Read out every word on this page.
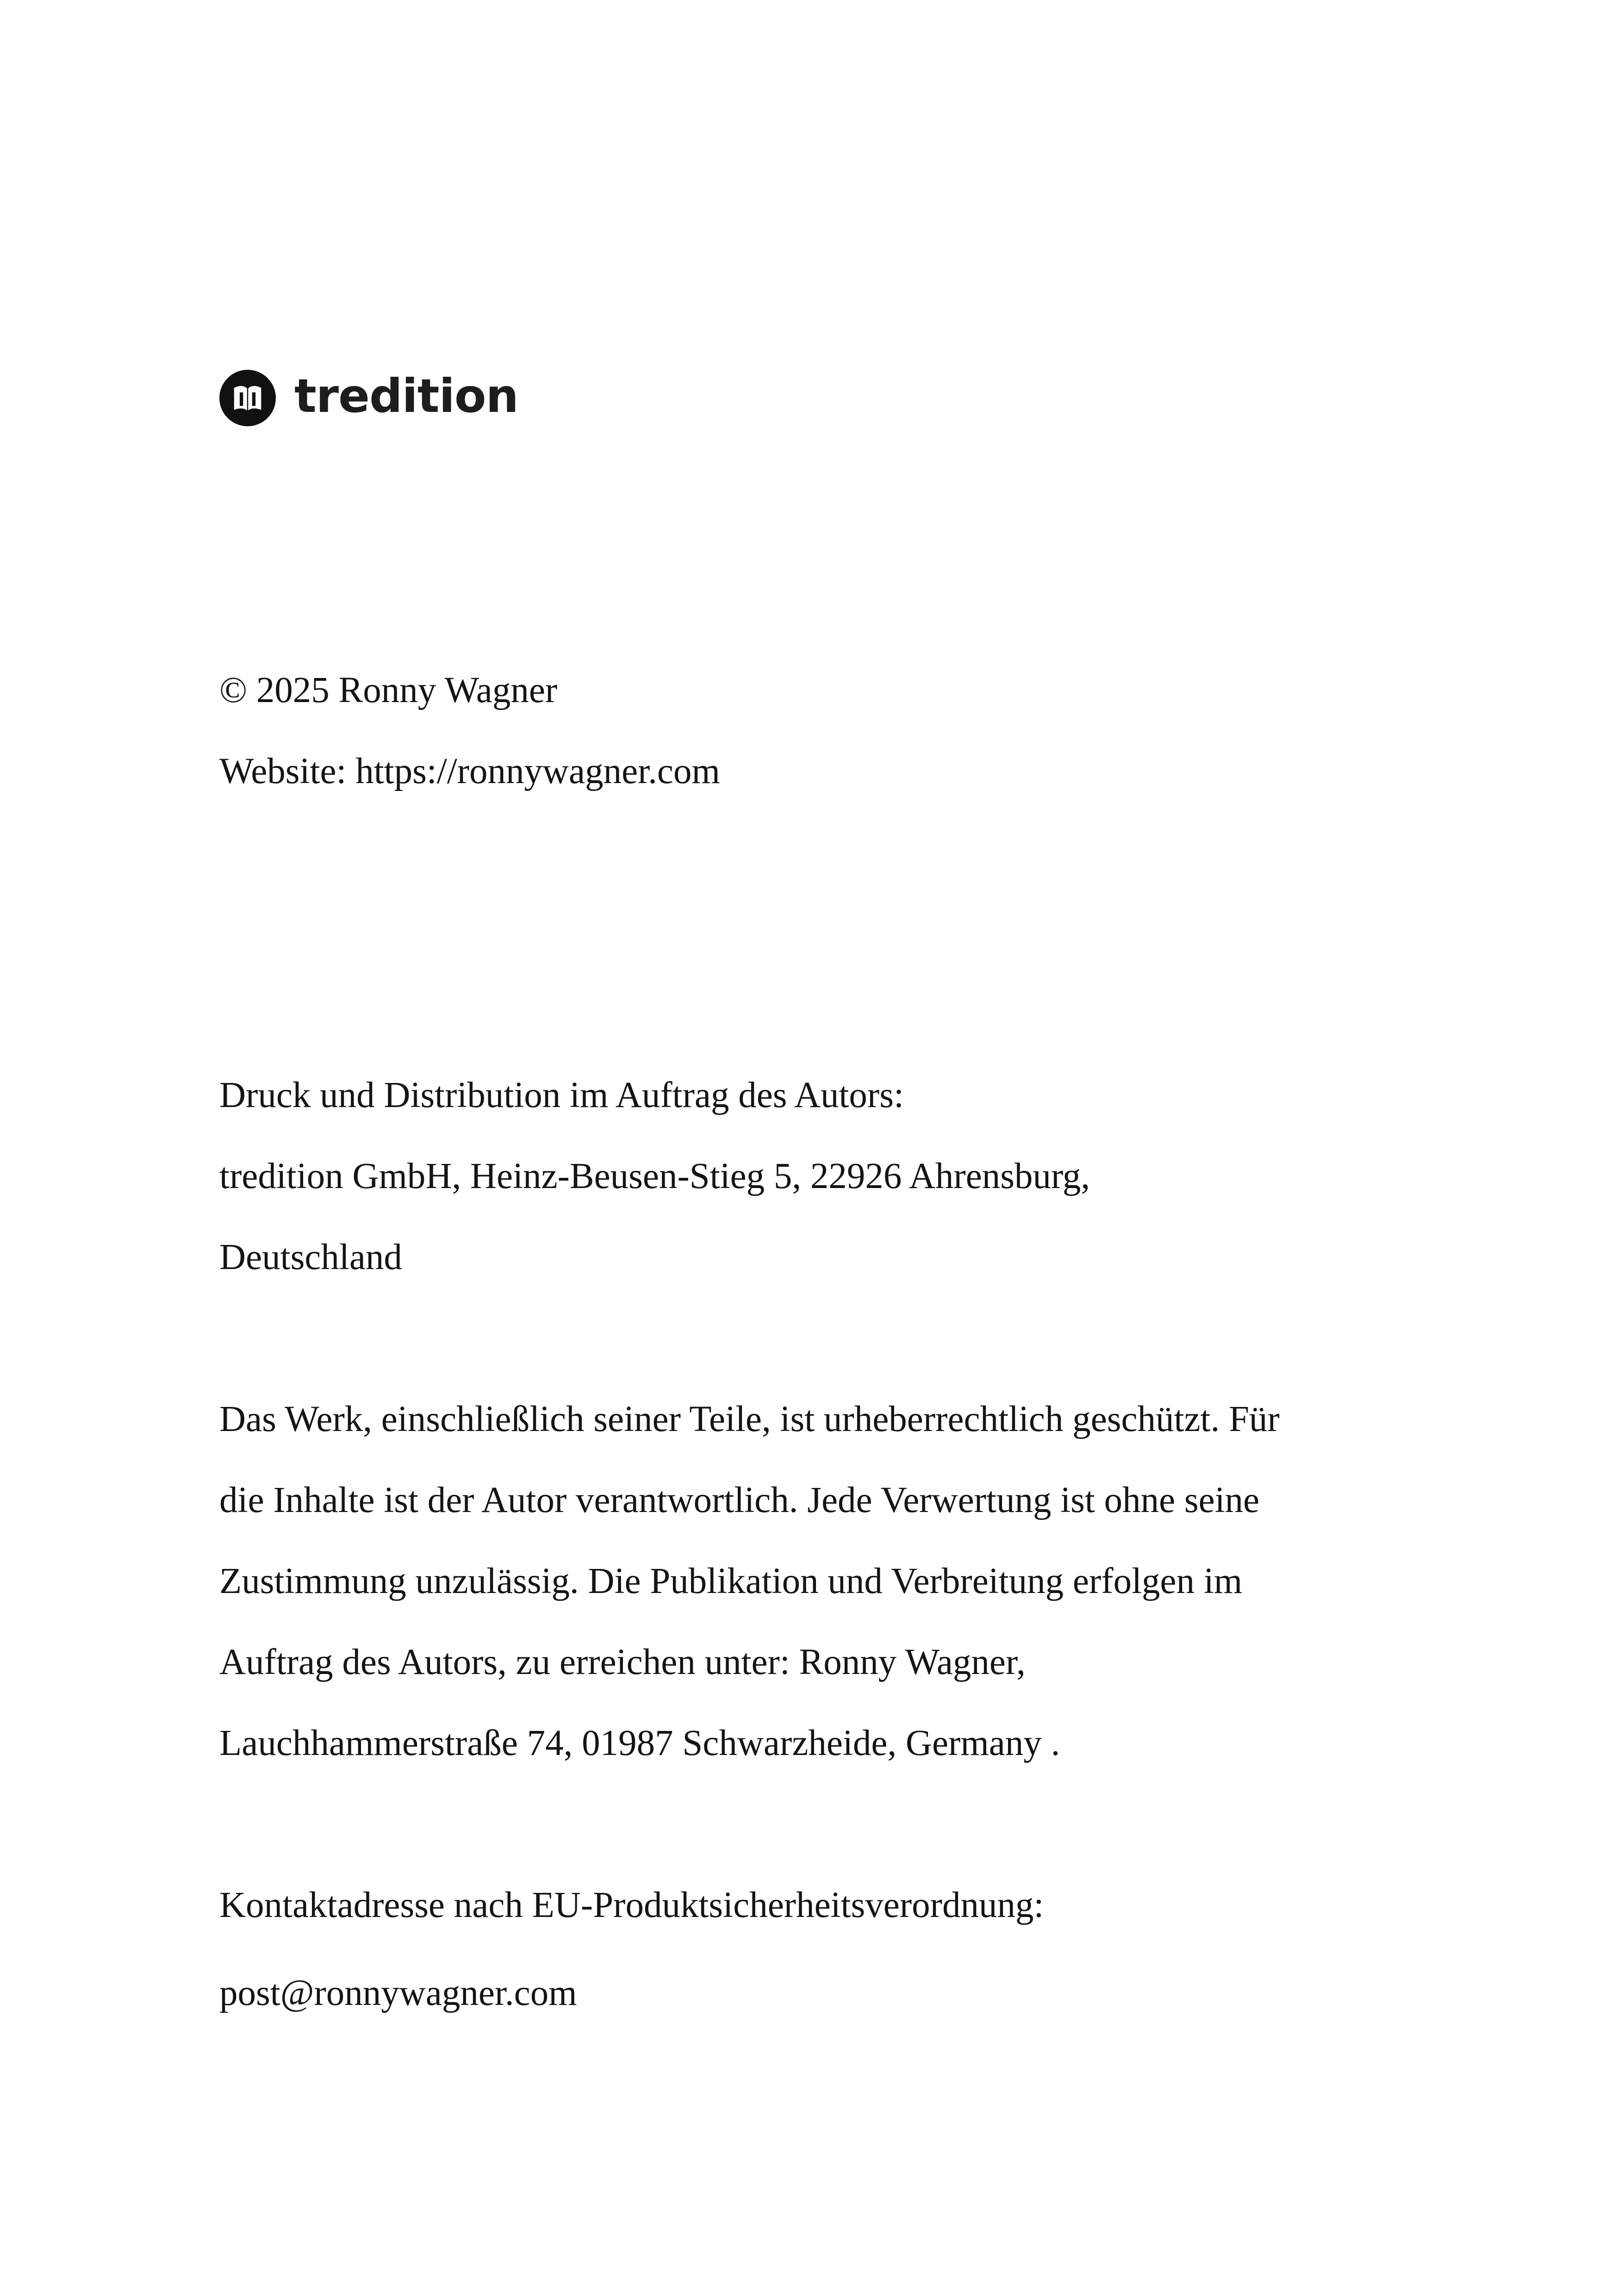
tredition
© 2025 Ronny Wagner
Website: https://ronnywagner.com
Druck und Distribution im Auftrag des Autors:
tredition GmbH, Heinz-Beusen-Stieg 5, 22926 Ahrensburg,
Deutschland
Das Werk, einschließlich seiner Teile, ist urheberrechtlich geschützt. Für
die Inhalte ist der Autor verantwortlich. Jede Verwertung ist ohne seine
Zustimmung unzulässig. Die Publikation und Verbreitung erfolgen im
Auftrag des Autors, zu erreichen unter: Ronny Wagner,
Lauchhammerstraße 74, 01987 Schwarzheide, Germany .
Kontaktadresse nach EU-Produktsicherheitsverordnung:
post@ronnywagner.com
